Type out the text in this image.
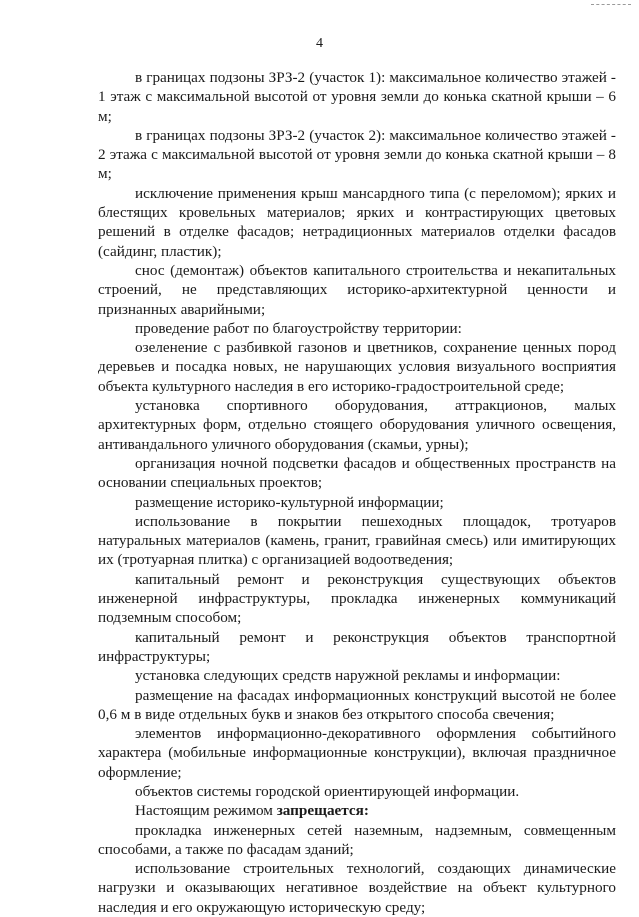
4

в границах подзоны ЗРЗ-2 (участок 1): максимальное количество этажей - 1 этаж с максимальной высотой от уровня земли до конька скатной крыши – 6 м;

в границах подзоны ЗРЗ-2 (участок 2): максимальное количество этажей - 2 этажа с максимальной высотой от уровня земли до конька скатной крыши – 8 м;

исключение применения крыш мансардного типа (с переломом); ярких и блестящих кровельных материалов; ярких и контрастирующих цветовых решений в отделке фасадов; нетрадиционных материалов отделки фасадов (сайдинг, пластик);

снос (демонтаж) объектов капитального строительства и некапитальных строений, не представляющих историко-архитектурной ценности и признанных аварийными;

проведение работ по благоустройству территории:

озеленение с разбивкой газонов и цветников, сохранение ценных пород деревьев и посадка новых, не нарушающих условия визуального восприятия объекта культурного наследия в его историко-градостроительной среде;

установка спортивного оборудования, аттракционов, малых архитектурных форм, отдельно стоящего оборудования уличного освещения, антивандального уличного оборудования (скамьи, урны);

организация ночной подсветки фасадов и общественных пространств на основании специальных проектов;

размещение историко-культурной информации;

использование в покрытии пешеходных площадок, тротуаров натуральных материалов (камень, гранит, гравийная смесь) или имитирующих их (тротуарная плитка) с организацией водоотведения;

капитальный ремонт и реконструкция существующих объектов инженерной инфраструктуры, прокладка инженерных коммуникаций подземным способом;

капитальный ремонт и реконструкция объектов транспортной инфраструктуры;

установка следующих средств наружной рекламы и информации:

размещение на фасадах информационных конструкций высотой не более 0,6 м в виде отдельных букв и знаков без открытого способа свечения;

элементов информационно-декоративного оформления событийного характера (мобильные информационные конструкции), включая праздничное оформление;

объектов системы городской ориентирующей информации.

Настоящим режимом запрещается:

прокладка инженерных сетей наземным, надземным, совмещенным способами, а также по фасадам зданий;

использование строительных технологий, создающих динамические нагрузки и оказывающих негативное воздействие на объект культурного наследия и его окружающую историческую среду;
